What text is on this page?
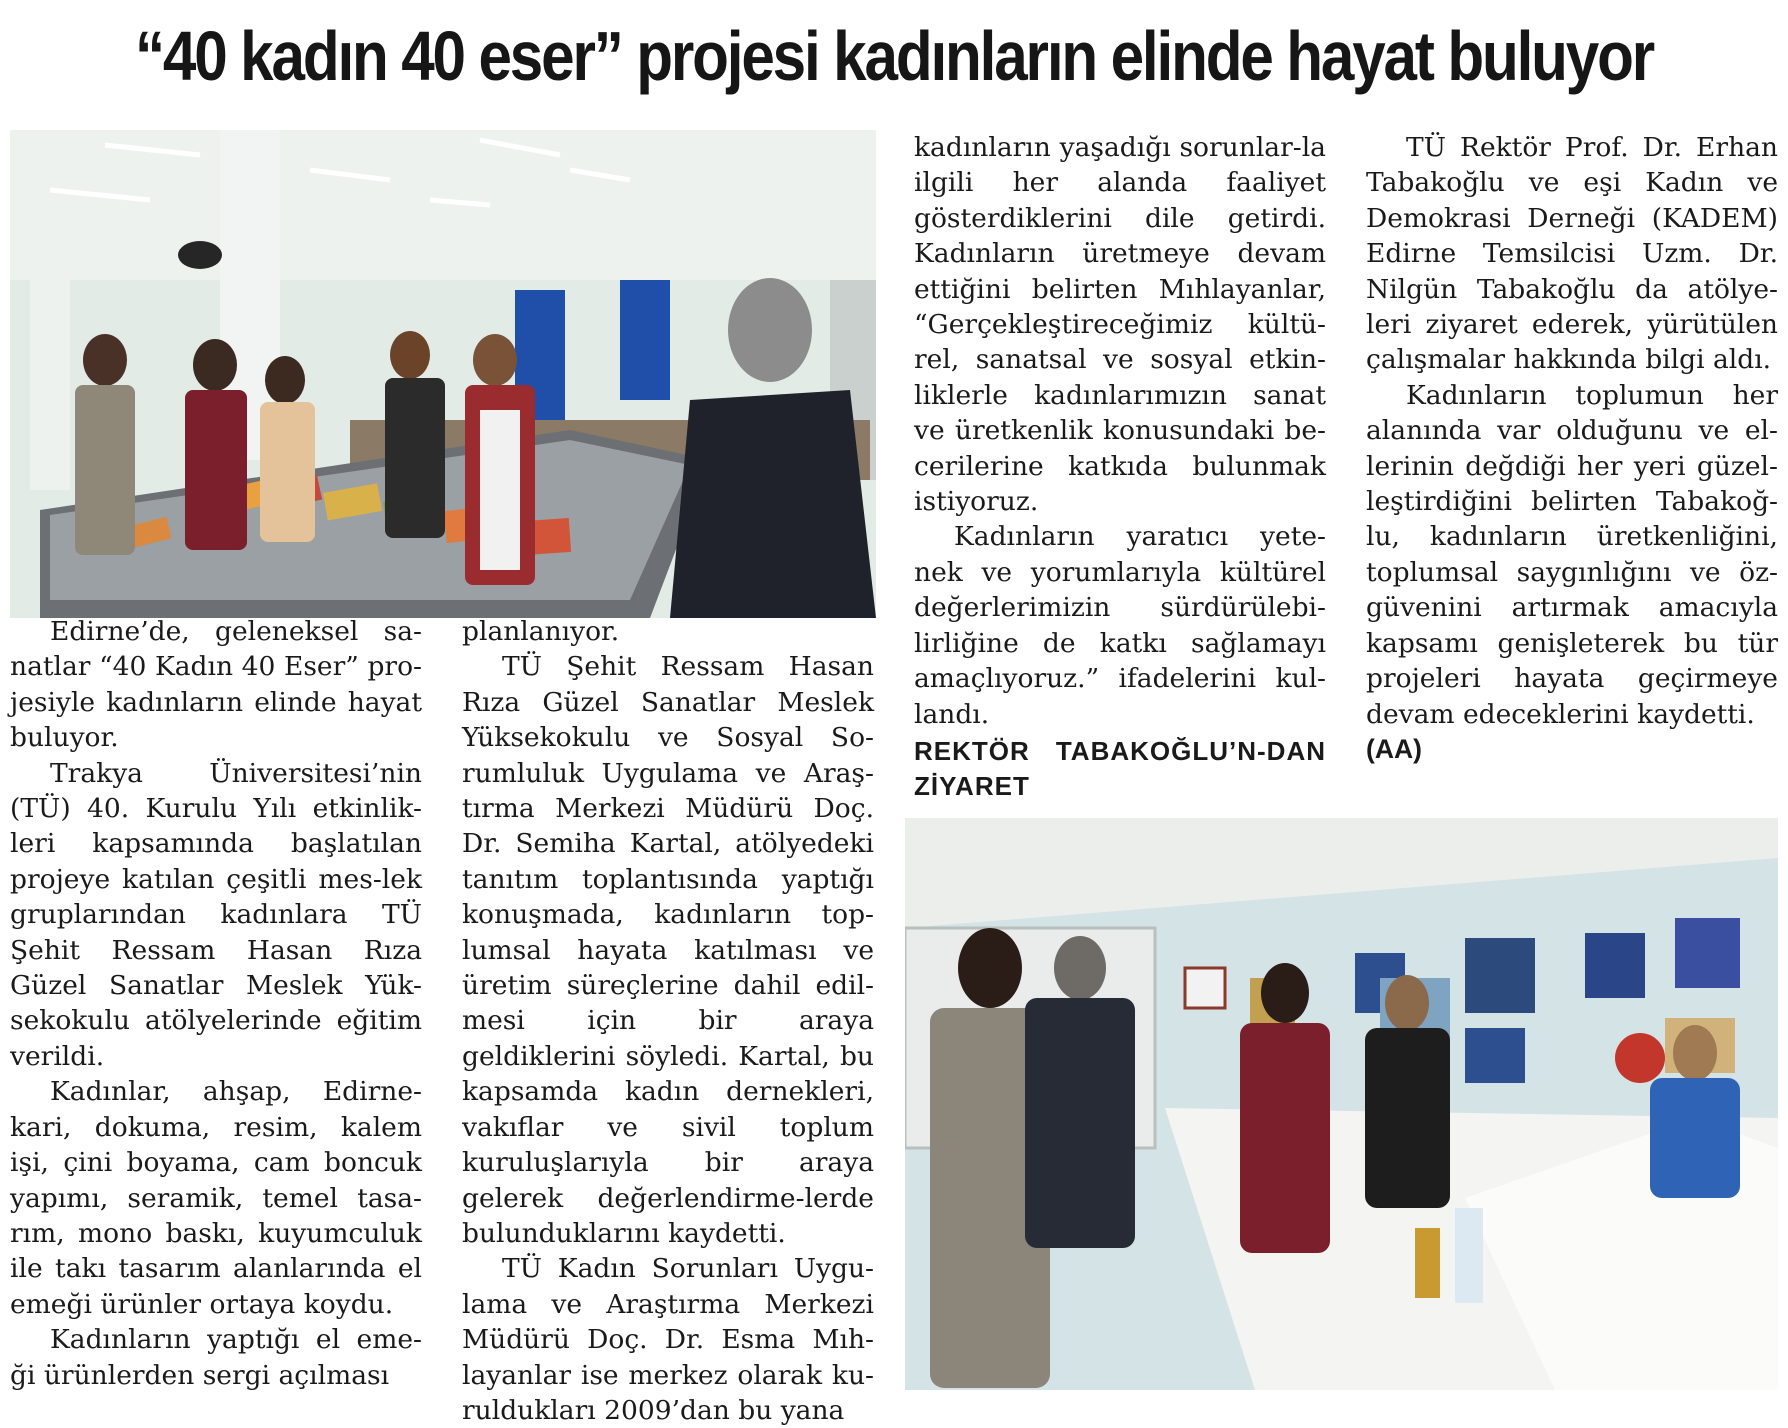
“40 kadın 40 eser” projesi kadınların elinde hayat buluyor

Edirne’de, geleneksel sa-natlar “40 Kadın 40 Eser” pro-jesiyle kadınların elinde hayat buluyor.

Trakya Üniversitesi’nin (TÜ) 40. Kurulu Yılı etkinlik-leri kapsamında başlatılan projeye katılan çeşitli mes-lek gruplarından kadınlara TÜ Şehit Ressam Hasan Rıza Güzel Sanatlar Meslek Yük-sekokulu atölyelerinde eğitim verildi.

Kadınlar, ahşap, Edirne-kari, dokuma, resim, kalem işi, çini boyama, cam boncuk yapımı, seramik, temel tasa-rım, mono baskı, kuyumculuk ile takı tasarım alanlarında el emeği ürünler ortaya koydu.

Kadınların yaptığı el eme-ği ürünlerden sergi açılması

planlanıyor.

TÜ Şehit Ressam Hasan Rıza Güzel Sanatlar Meslek Yüksekokulu ve Sosyal So-rumluluk Uygulama ve Araş-tırma Merkezi Müdürü Doç. Dr. Semiha Kartal, atölyedeki tanıtım toplantısında yaptığı konuşmada, kadınların top-lumsal hayata katılması ve üretim süreçlerine dahil edil-mesi için bir araya geldiklerini söyledi. Kartal, bu kapsamda kadın dernekleri, vakıflar ve sivil toplum kuruluşlarıyla bir araya gelerek değerlendirme-lerde bulunduklarını kaydetti.

TÜ Kadın Sorunları Uygu-lama ve Araştırma Merkezi Müdürü Doç. Dr. Esma Mıh-layanlar ise merkez olarak ku-ruldukları 2009’dan bu yana

kadınların yaşadığı sorunlar-la ilgili her alanda faaliyet gösterdiklerini dile getirdi. Kadınların üretmeye devam ettiğini belirten Mıhlayanlar, “Gerçekleştireceğimiz kültü-rel, sanatsal ve sosyal etkin-liklerle kadınlarımızın sanat ve üretkenlik konusundaki be-cerilerine katkıda bulunmak istiyoruz.

Kadınların yaratıcı yete-nek ve yorumlarıyla kültürel değerlerimizin sürdürülebi-lirliğine de katkı sağlamayı amaçlıyoruz.” ifadelerini kul-landı.

REKTÖR TABAKOĞLU’N-DAN ZİYARET

TÜ Rektör Prof. Dr. Erhan Tabakoğlu ve eşi Kadın ve Demokrasi Derneği (KADEM) Edirne Temsilcisi Uzm. Dr. Nilgün Tabakoğlu da atölye-leri ziyaret ederek, yürütülen çalışmalar hakkında bilgi aldı.

Kadınların toplumun her alanında var olduğunu ve el-lerinin değdiği her yeri güzel-leştirdiğini belirten Tabakoğ-lu, kadınların üretkenliğini, toplumsal saygınlığını ve öz-güvenini artırmak amacıyla kapsamı genişleterek bu tür projeleri hayata geçirmeye devam edeceklerini kaydetti.

(AA)
